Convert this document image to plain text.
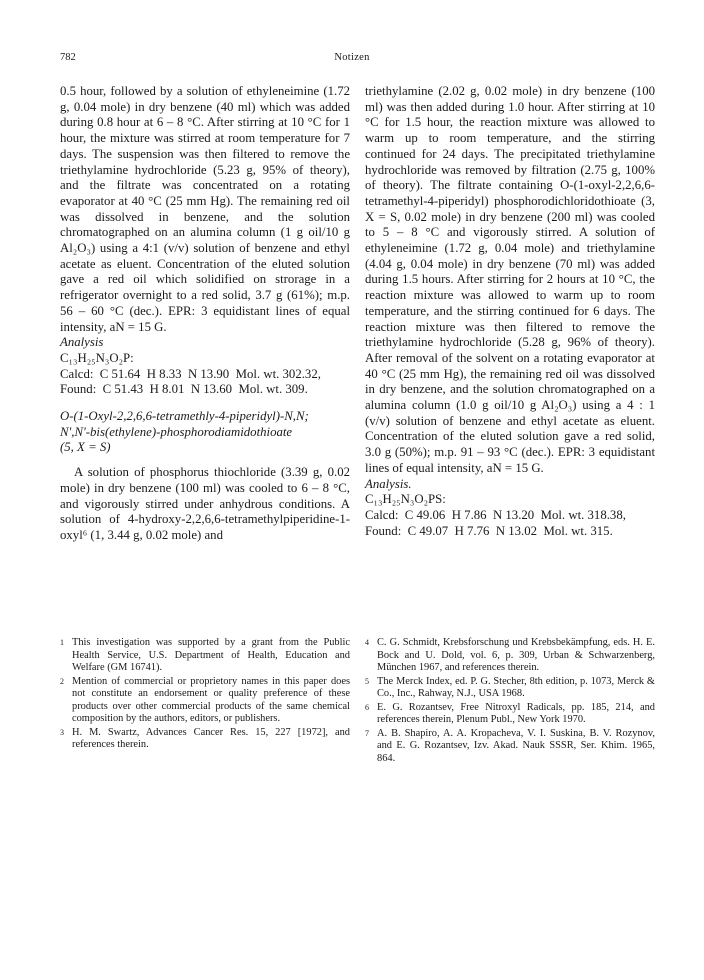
782	Notizen

0.5 hour, followed by a solution of ethyleneimine (1.72 g, 0.04 mole) in dry benzene (40 ml) which was added during 0.8 hour at 6 – 8 °C. After stirring at 10 °C for 1 hour, the mixture was stirred at room temperature for 7 days. The suspension was then filtered to remove the triethylamine hydrochloride (5.23 g, 95% of theory), and the filtrate was concentrated on a rotating evaporator at 40 °C (25 mm Hg). The remaining red oil was dissolved in benzene, and the solution chromatographed on an alumina column (1 g oil/10 g Al₂O₃) using a 4:1 (v/v) solution of benzene and ethyl acetate as eluent. Concentration of the eluted solution gave a red oil which solidified on strorage in a refrigerator overnight to a red solid, 3.7 g (61%); m.p. 56 – 60 °C (dec.). EPR: 3 equidistant lines of equal intensity, aN = 15 G.

Analysis
C₁₃H₂₅N₃O₂P:
Calcd:  C 51.64  H 8.33  N 13.90  Mol. wt. 302.32,
Found:  C 51.43  H 8.01  N 13.60  Mol. wt. 309.
O-(1-Oxyl-2,2,6,6-tetramethly-4-piperidyl)-N,N;
N',N'-bis(ethylene)-phosphorodiamidothioate
(5, X = S)

A solution of phosphorus thiochloride (3.39 g, 0.02 mole) in dry benzene (100 ml) was cooled to 6 – 8 °C, and vigorously stirred under anhydrous conditions. A solution of 4-hydroxy-2,2,6,6-tetramethylpiperidine-1-oxyl⁶ (1, 3.44 g, 0.02 mole) and

triethylamine (2.02 g, 0.02 mole) in dry benzene (100 ml) was then added during 1.0 hour. After stirring at 10 °C for 1.5 hour, the reaction mixture was allowed to warm up to room temperature, and the stirring continued for 24 days. The precipitated triethylamine hydrochloride was removed by filtration (2.75 g, 100% of theory). The filtrate containing O-(1-oxyl-2,2,6,6-tetramethyl-4-piperidyl) phosphorodichloridothioate (3, X = S, 0.02 mole) in dry benzene (200 ml) was cooled to 5 – 8 °C and vigorously stirred. A solution of ethyleneimine (1.72 g, 0.04 mole) and triethylamine (4.04 g, 0.04 mole) in dry benzene (70 ml) was added during 1.5 hours. After stirring for 2 hours at 10 °C, the reaction mixture was allowed to warm up to room temperature, and the stirring continued for 6 days. The reaction mixture was then filtered to remove the triethylamine hydrochloride (5.28 g, 96% of theory). After removal of the solvent on a rotating evaporator at 40 °C (25 mm Hg), the remaining red oil was dissolved in dry benzene, and the solution chromatographed on a alumina column (1.0 g oil/10 g Al₂O₃) using a 4 : 1 (v/v) solution of benzene and ethyl acetate as eluent. Concentration of the eluted solution gave a red solid, 3.0 g (50%); m.p. 91 – 93 °C (dec.). EPR: 3 equidistant lines of equal intensity, aN = 15 G.

Analysis.
C₁₃H₂₅N₃O₂PS:
Calcd:  C 49.06  H 7.86  N 13.20  Mol. wt. 318.38,
Found:  C 49.07  H 7.76  N 13.02  Mol. wt. 315.
1 This investigation was supported by a grant from the Public Health Service, U.S. Department of Health, Education and Welfare (GM 16741).
2 Mention of commercial or proprietory names in this paper does not constitute an endorsement or quality preference of these products over other commercial products of the same chemical composition by the authors, editors, or publishers.
3 H. M. Swartz, Advances Cancer Res. 15, 227 [1972], and references therein.
4 C. G. Schmidt, Krebsforschung und Krebsbekämpfung, eds. H. E. Bock and U. Dold, vol. 6, p. 309, Urban & Schwarzenberg, München 1967, and references therein.
5 The Merck Index, ed. P. G. Stecher, 8th edition, p. 1073, Merck & Co., Inc., Rahway, N.J., USA 1968.
6 E. G. Rozantsev, Free Nitroxyl Radicals, pp. 185, 214, and references therein, Plenum Publ., New York 1970.
7 A. B. Shapiro, A. A. Kropacheva, V. I. Suskina, B. V. Rozynov, and E. G. Rozantsev, Izv. Akad. Nauk SSSR, Ser. Khim. 1965, 864.
